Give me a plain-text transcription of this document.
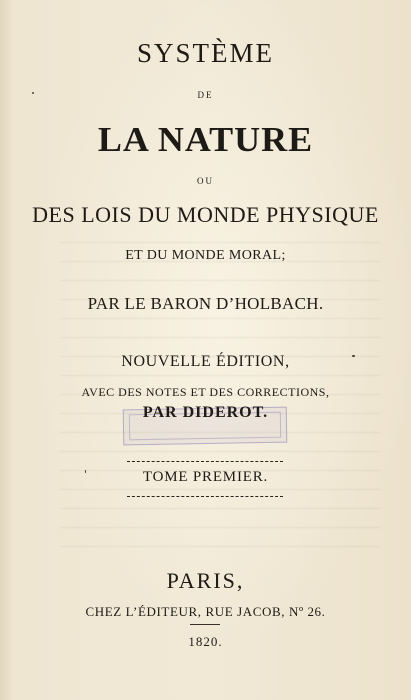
SYSTÈME
DE
LA NATURE
OU
DES LOIS DU MONDE PHYSIQUE
ET DU MONDE MORAL;
PAR LE BARON D’HOLBACH.
NOUVELLE ÉDITION,
AVEC DES NOTES ET DES CORRECTIONS,
PAR DIDEROT.
TOME PREMIER.
PARIS,
CHEZ L’ÉDITEUR, RUE JACOB, Nº 26.
1820.
